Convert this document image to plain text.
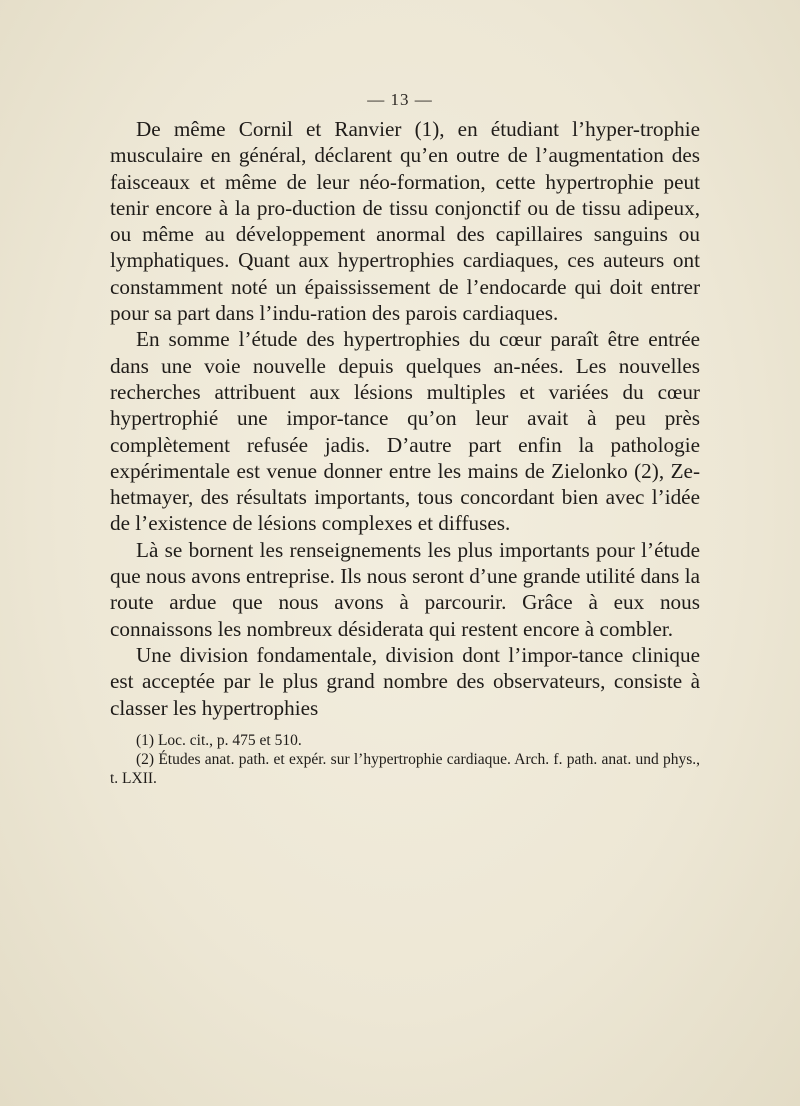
— 13 —

De même Cornil et Ranvier (1), en étudiant l’hyper-trophie musculaire en général, déclarent qu’en outre de l’augmentation des faisceaux et même de leur néo-formation, cette hypertrophie peut tenir encore à la pro-duction de tissu conjonctif ou de tissu adipeux, ou même au développement anormal des capillaires sanguins ou lymphatiques. Quant aux hypertrophies cardiaques, ces auteurs ont constamment noté un épaississement de l’endocarde qui doit entrer pour sa part dans l’indu-ration des parois cardiaques.

En somme l’étude des hypertrophies du cœur paraît être entrée dans une voie nouvelle depuis quelques an-nées. Les nouvelles recherches attribuent aux lésions multiples et variées du cœur hypertrophié une impor-tance qu’on leur avait à peu près complètement refusée jadis. D’autre part enfin la pathologie expérimentale est venue donner entre les mains de Zielonko (2), Ze-hetmayer, des résultats importants, tous concordant bien avec l’idée de l’existence de lésions complexes et diffuses.

Là se bornent les renseignements les plus importants pour l’étude que nous avons entreprise. Ils nous seront d’une grande utilité dans la route ardue que nous avons à parcourir. Grâce à eux nous connaissons les nombreux désiderata qui restent encore à combler.

Une division fondamentale, division dont l’impor-tance clinique est acceptée par le plus grand nombre des observateurs, consiste à classer les hypertrophies

(1) Loc. cit., p. 475 et 510.

(2) Études anat. path. et expér. sur l’hypertrophie cardiaque. Arch. f. path. anat. und phys., t. LXII.
